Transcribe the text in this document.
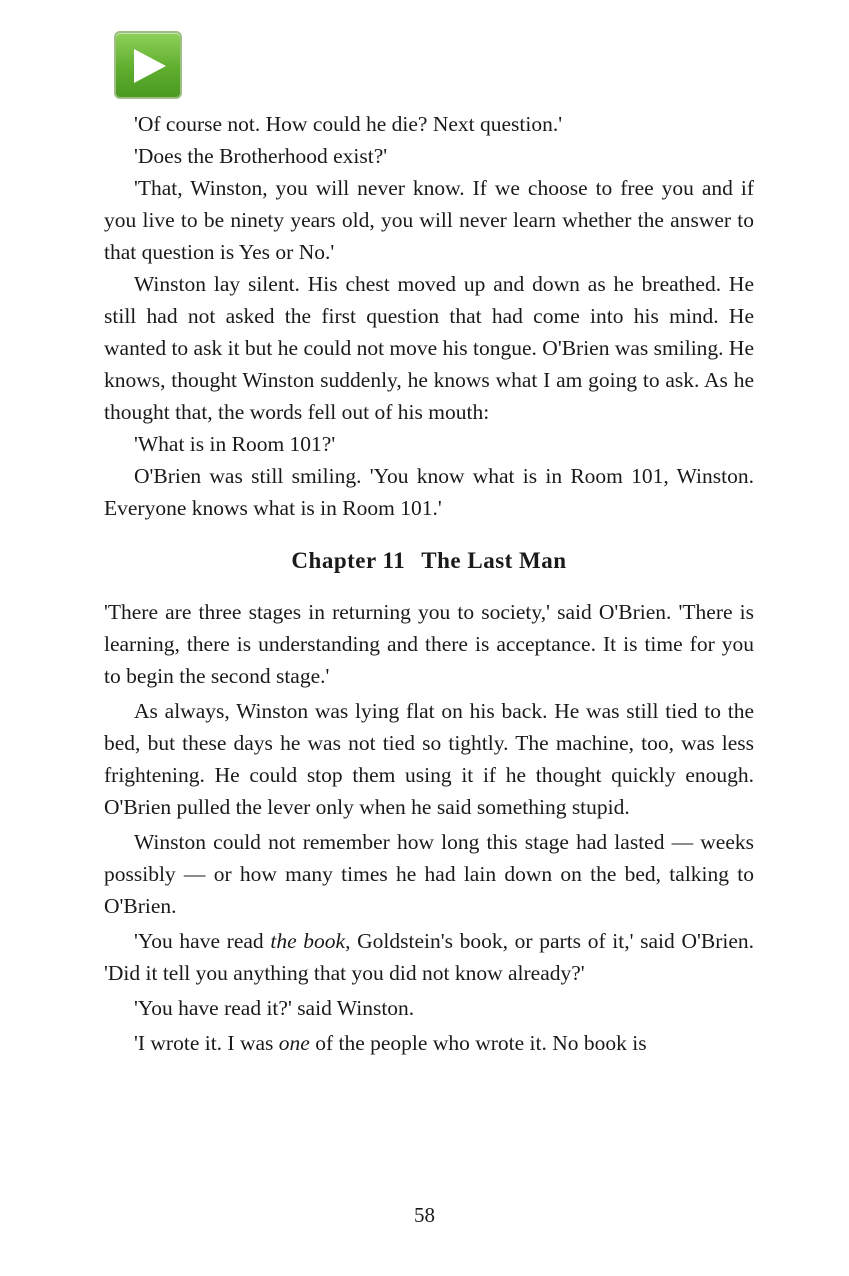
'Of course not. How could he die? Next question.'

'Does the Brotherhood exist?'

'That, Winston, you will never know. If we choose to free you and if you live to be ninety years old, you will never learn whether the answer to that question is Yes or No.'

Winston lay silent. His chest moved up and down as he breathed. He still had not asked the first question that had come into his mind. He wanted to ask it but he could not move his tongue. O'Brien was smiling. He knows, thought Winston suddenly, he knows what I am going to ask. As he thought that, the words fell out of his mouth:

'What is in Room 101?'

O'Brien was still smiling. 'You know what is in Room 101, Winston. Everyone knows what is in Room 101.'

Chapter 11 The Last Man

'There are three stages in returning you to society,' said O'Brien. 'There is learning, there is understanding and there is acceptance. It is time for you to begin the second stage.'

As always, Winston was lying flat on his back. He was still tied to the bed, but these days he was not tied so tightly. The machine, too, was less frightening. He could stop them using it if he thought quickly enough. O'Brien pulled the lever only when he said something stupid.

Winston could not remember how long this stage had lasted — weeks possibly — or how many times he had lain down on the bed, talking to O'Brien.

'You have read the book, Goldstein's book, or parts of it,' said O'Brien. 'Did it tell you anything that you did not know already?'

'You have read it?' said Winston.

'I wrote it. I was one of the people who wrote it. No book is

58
